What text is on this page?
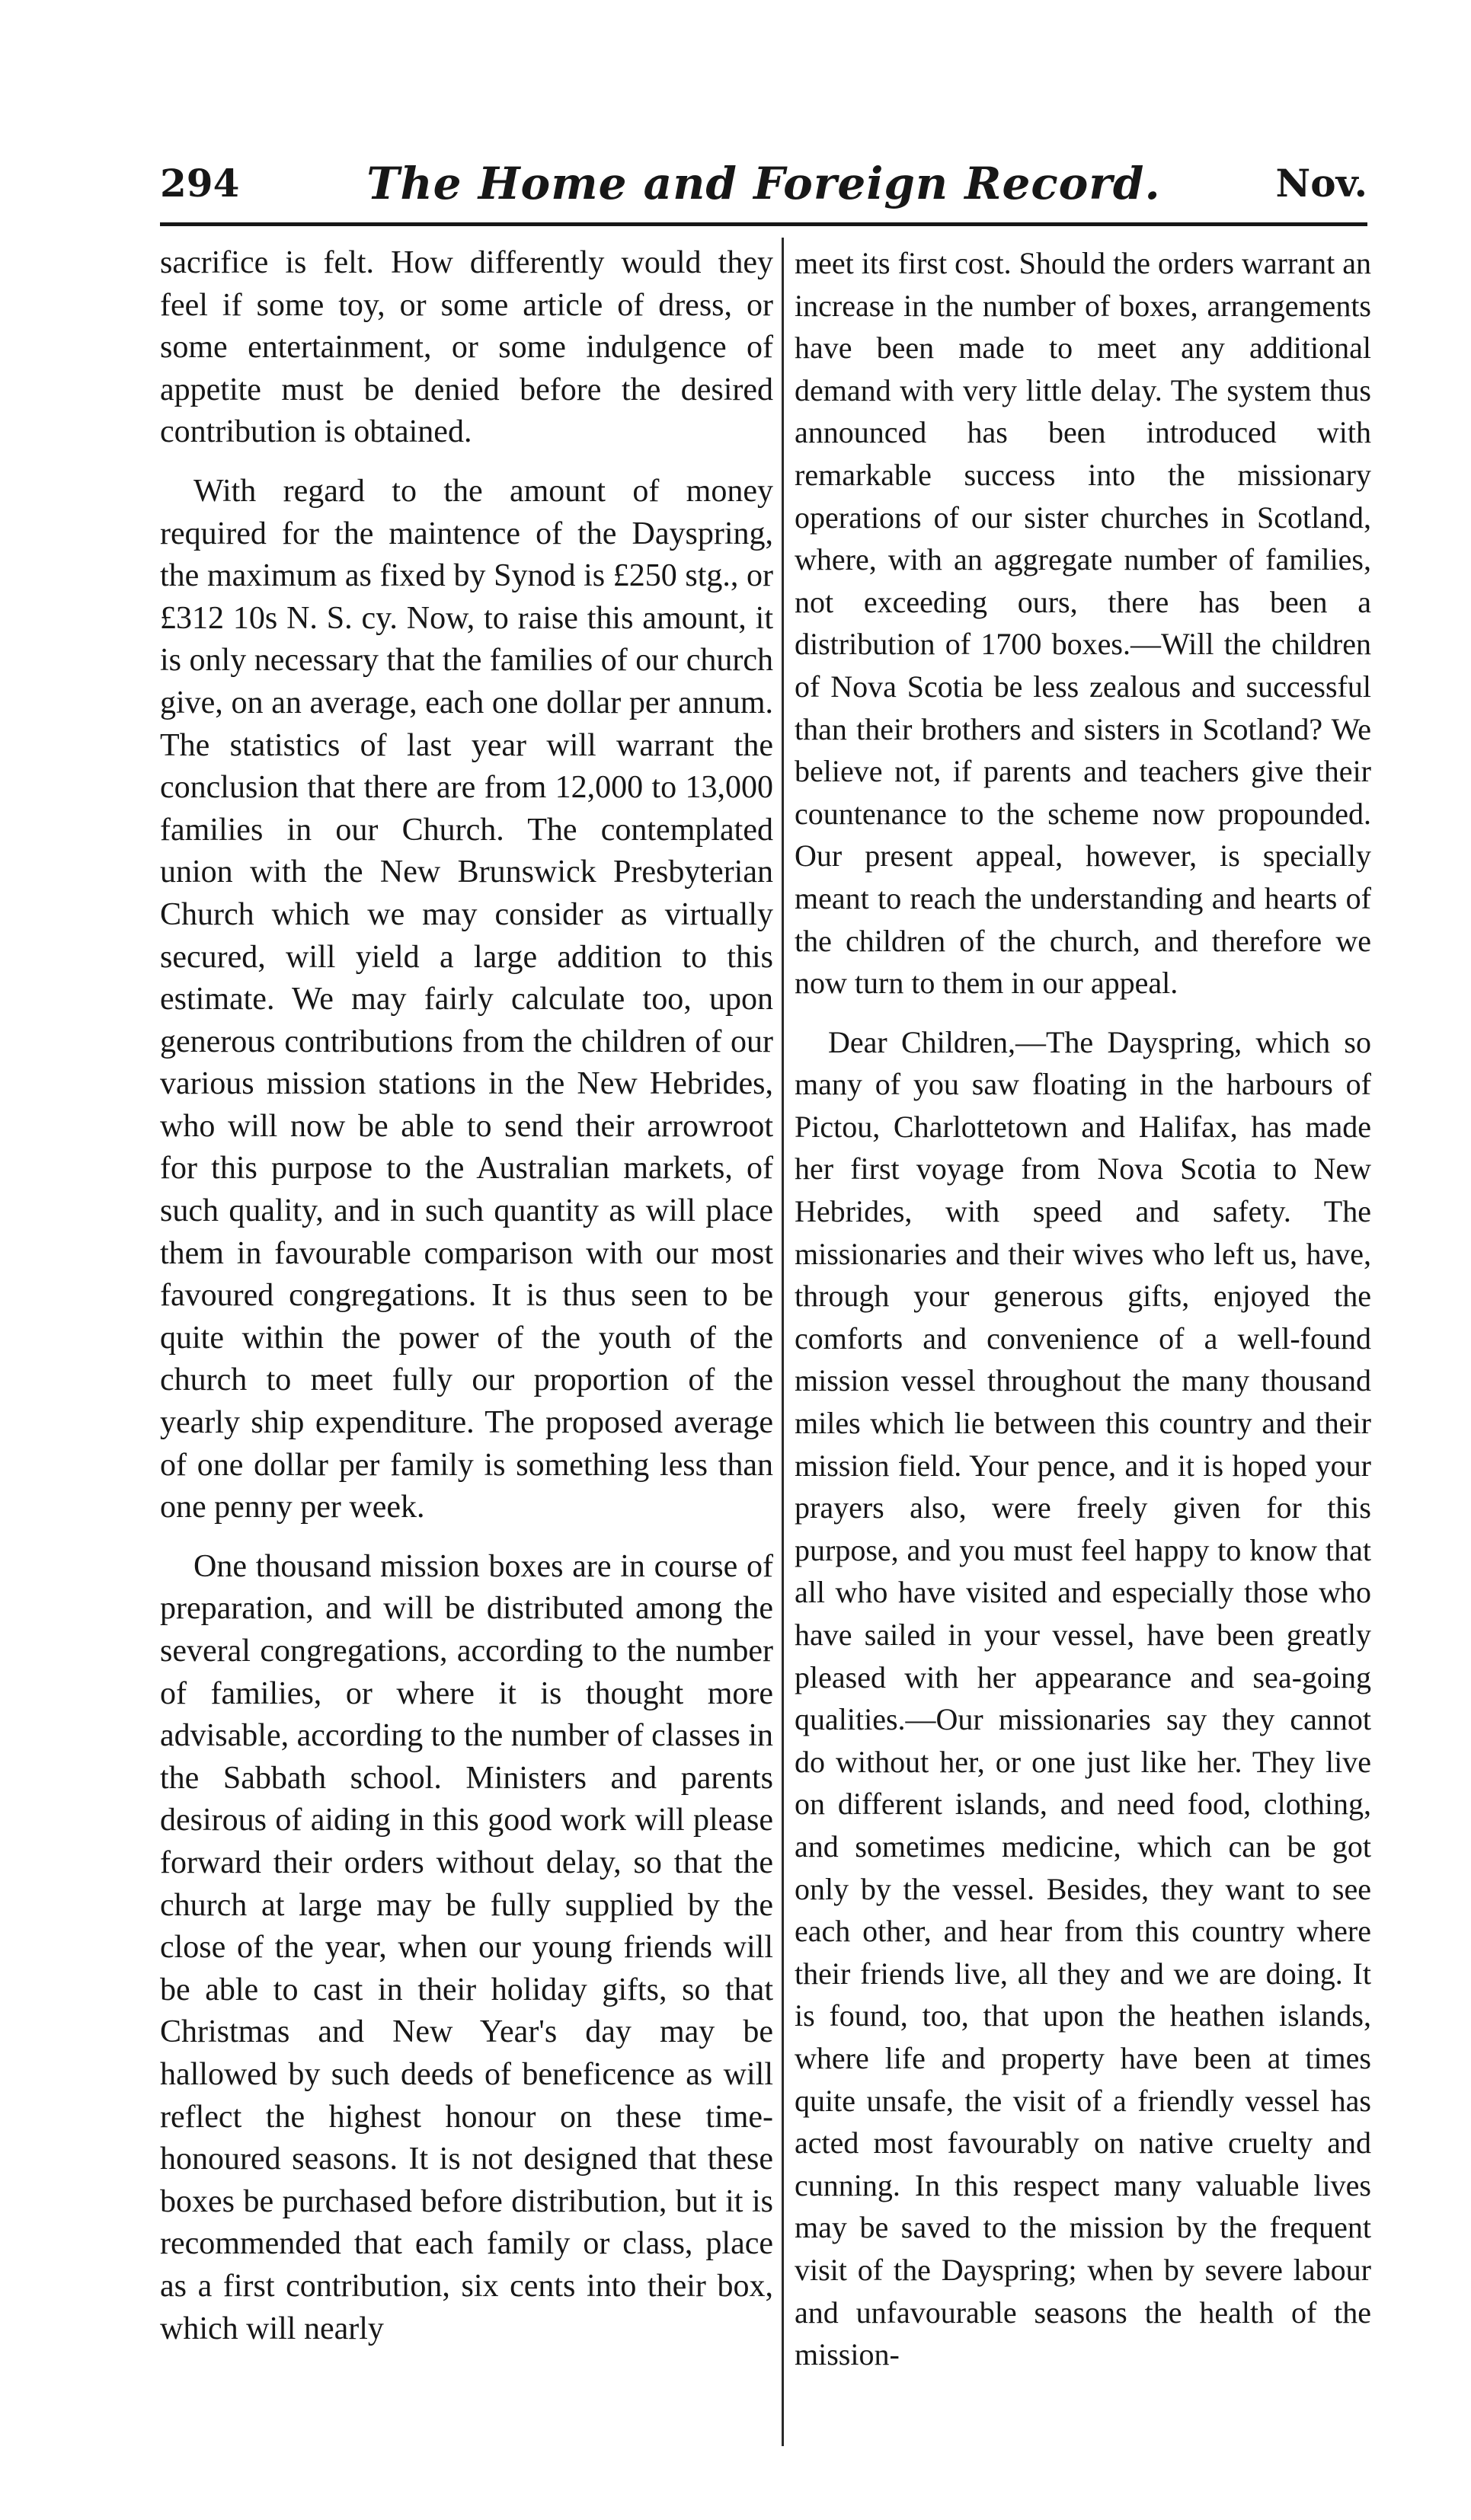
294	The Home and Foreign Record.	Nov.

sacrifice is felt. How differently would they feel if some toy, or some article of dress, or some entertainment, or some indulgence of appetite must be denied before the desired contribution is obtained.

With regard to the amount of money required for the maintence of the Dayspring, the maximum as fixed by Synod is £250 stg., or £312 10s N. S. cy. Now, to raise this amount, it is only necessary that the families of our church give, on an average, each one dollar per annum. The statistics of last year will warrant the conclusion that there are from 12,000 to 13,000 families in our Church. The contemplated union with the New Brunswick Presbyterian Church which we may consider as virtually secured, will yield a large addition to this estimate. We may fairly calculate too, upon generous contributions from the children of our various mission stations in the New Hebrides, who will now be able to send their arrowroot for this purpose to the Australian markets, of such quality, and in such quantity as will place them in favourable comparison with our most favoured congregations. It is thus seen to be quite within the power of the youth of the church to meet fully our proportion of the yearly ship expenditure. The proposed average of one dollar per family is something less than one penny per week.

One thousand mission boxes are in course of preparation, and will be distributed among the several congregations, according to the number of families, or where it is thought more advisable, according to the number of classes in the Sabbath school. Ministers and parents desirous of aiding in this good work will please forward their orders without delay, so that the church at large may be fully supplied by the close of the year, when our young friends will be able to cast in their holiday gifts, so that Christmas and New Year's day may be hallowed by such deeds of beneficence as will reflect the highest honour on these time-honoured seasons. It is not designed that these boxes be purchased before distribution, but it is recommended that each family or class, place as a first contribution, six cents into their box, which will nearly

meet its first cost. Should the orders warrant an increase in the number of boxes, arrangements have been made to meet any additional demand with very little delay. The system thus announced has been introduced with remarkable success into the missionary operations of our sister churches in Scotland, where, with an aggregate number of families, not exceeding ours, there has been a distribution of 1700 boxes.—Will the children of Nova Scotia be less zealous and successful than their brothers and sisters in Scotland? We believe not, if parents and teachers give their countenance to the scheme now propounded. Our present appeal, however, is specially meant to reach the understanding and hearts of the children of the church, and therefore we now turn to them in our appeal.

Dear Children,—The Dayspring, which so many of you saw floating in the harbours of Pictou, Charlottetown and Halifax, has made her first voyage from Nova Scotia to New Hebrides, with speed and safety. The missionaries and their wives who left us, have, through your generous gifts, enjoyed the comforts and convenience of a well-found mission vessel throughout the many thousand miles which lie between this country and their mission field. Your pence, and it is hoped your prayers also, were freely given for this purpose, and you must feel happy to know that all who have visited and especially those who have sailed in your vessel, have been greatly pleased with her appearance and sea-going qualities.—Our missionaries say they cannot do without her, or one just like her. They live on different islands, and need food, clothing, and sometimes medicine, which can be got only by the vessel. Besides, they want to see each other, and hear from this country where their friends live, all they and we are doing. It is found, too, that upon the heathen islands, where life and property have been at times quite unsafe, the visit of a friendly vessel has acted most favourably on native cruelty and cunning. In this respect many valuable lives may be saved to the mission by the frequent visit of the Dayspring; when by severe labour and unfavourable seasons the health of the mission-
